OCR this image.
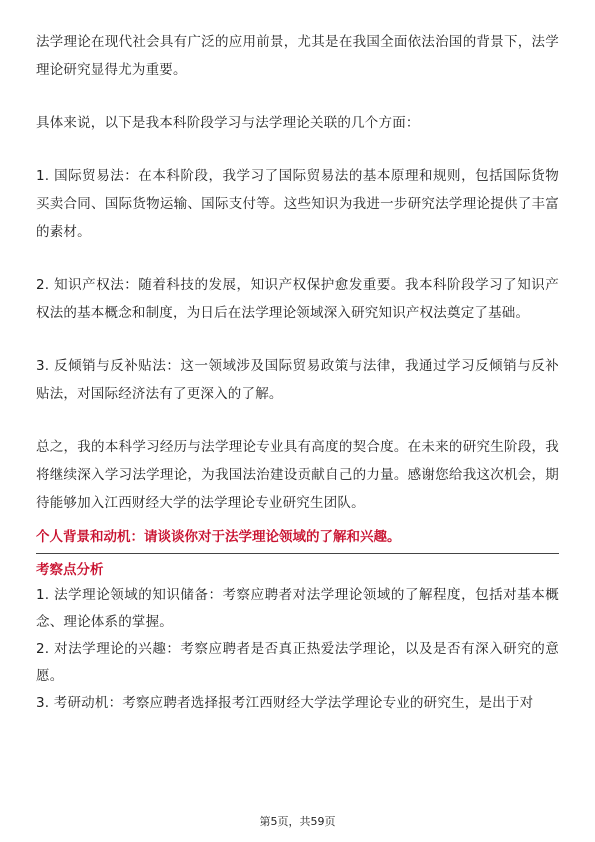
法学理论在现代社会具有广泛的应用前景，尤其是在我国全面依法治国的背景下，法学理论研究显得尤为重要。

具体来说，以下是我本科阶段学习与法学理论关联的几个方面：

1. 国际贸易法：在本科阶段，我学习了国际贸易法的基本原理和规则，包括国际货物买卖合同、国际货物运输、国际支付等。这些知识为我进一步研究法学理论提供了丰富的素材。

2. 知识产权法：随着科技的发展，知识产权保护愈发重要。我本科阶段学习了知识产权法的基本概念和制度，为日后在法学理论领域深入研究知识产权法奠定了基础。

3. 反倾销与反补贴法：这一领域涉及国际贸易政策与法律，我通过学习反倾销与反补贴法，对国际经济法有了更深入的了解。

总之，我的本科学习经历与法学理论专业具有高度的契合度。在未来的研究生阶段，我将继续深入学习法学理论，为我国法治建设贡献自己的力量。感谢您给我这次机会，期待能够加入江西财经大学的法学理论专业研究生团队。

个人背景和动机：请谈谈你对于法学理论领域的了解和兴趣。

考察点分析

1. 法学理论领域的知识储备：考察应聘者对法学理论领域的了解程度，包括对基本概念、理论体系的掌握。

2. 对法学理论的兴趣：考察应聘者是否真正热爱法学理论，以及是否有深入研究的意愿。

3. 考研动机：考察应聘者选择报考江西财经大学法学理论专业的研究生，是出于对

第5页，共59页
